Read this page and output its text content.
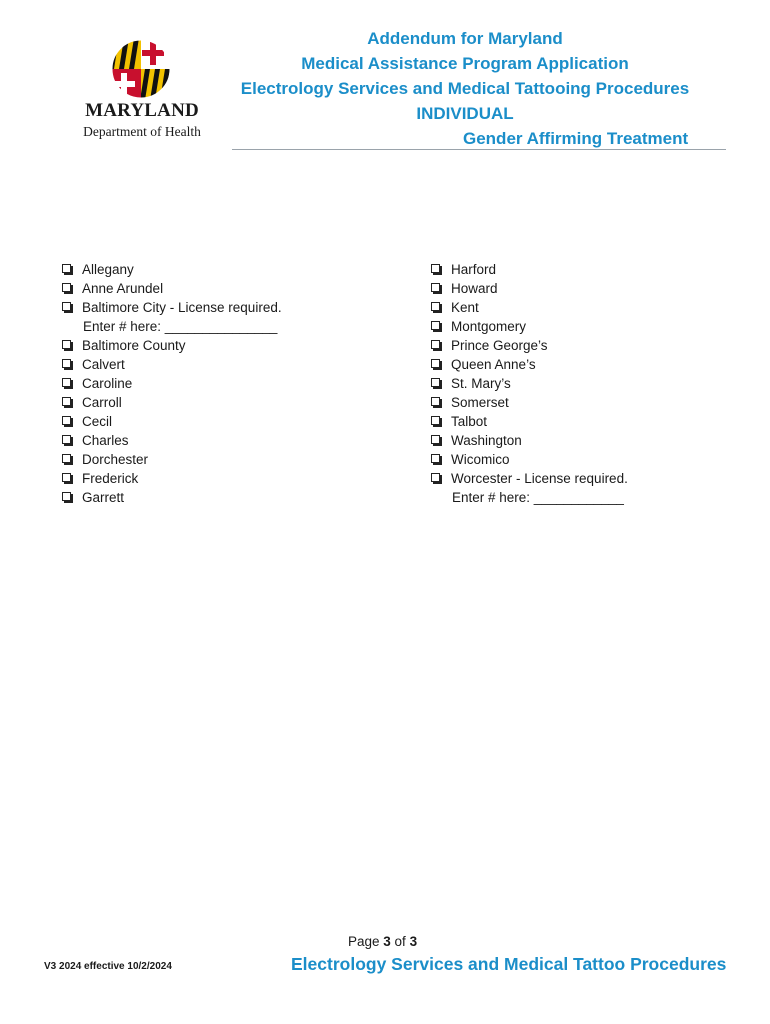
MARYLAND
Department of Health
Addendum for Maryland
Medical Assistance Program Application
Electrology Services and Medical Tattooing Procedures
INDIVIDUAL
Gender Affirming Treatment
Allegany
Anne Arundel
Baltimore City - License required.
Enter # here: _______________
Baltimore County
Calvert
Caroline
Carroll
Cecil
Charles
Dorchester
Frederick
Garrett
Harford
Howard
Kent
Montgomery
Prince George’s
Queen Anne’s
St. Mary’s
Somerset
Talbot
Washington
Wicomico
Worcester - License required.
Enter # here: ____________
Page 3 of 3
V3 2024 effective 10/2/2024	Electrology Services and Medical Tattoo Procedures
